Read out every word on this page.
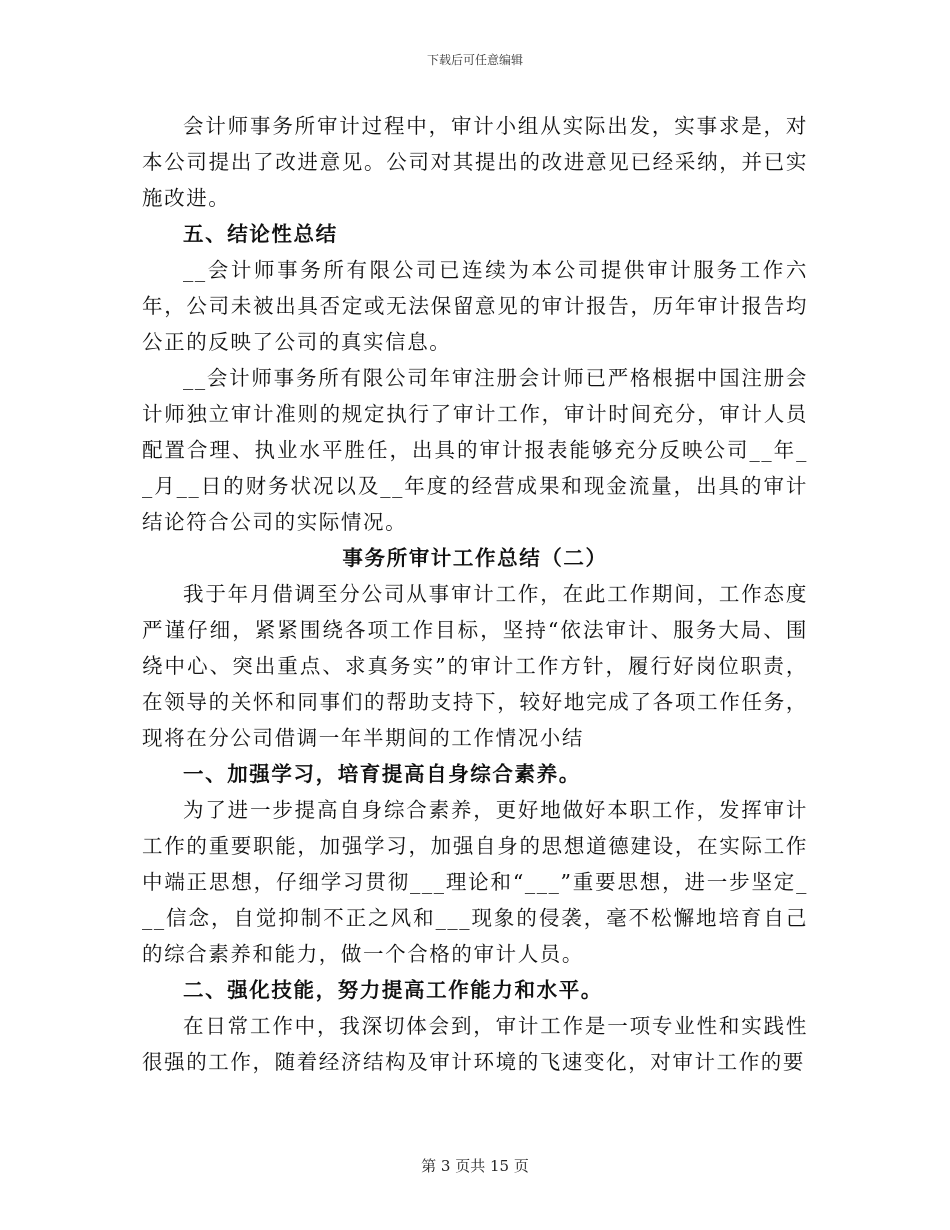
下载后可任意编辑

会计师事务所审计过程中，审计小组从实际出发，实事求是，对本公司提出了改进意见。公司对其提出的改进意见已经采纳，并已实施改进。

五、结论性总结

__会计师事务所有限公司已连续为本公司提供审计服务工作六年，公司未被出具否定或无法保留意见的审计报告，历年审计报告均公正的反映了公司的真实信息。

__会计师事务所有限公司年审注册会计师已严格根据中国注册会计师独立审计准则的规定执行了审计工作，审计时间充分，审计人员配置合理、执业水平胜任，出具的审计报表能够充分反映公司__年__月__日的财务状况以及__年度的经营成果和现金流量，出具的审计结论符合公司的实际情况。

事务所审计工作总结（二）

我于年月借调至分公司从事审计工作，在此工作期间，工作态度严谨仔细，紧紧围绕各项工作目标，坚持“依法审计、服务大局、围绕中心、突出重点、求真务实”的审计工作方针，履行好岗位职责，在领导的关怀和同事们的帮助支持下，较好地完成了各项工作任务，现将在分公司借调一年半期间的工作情况小结

一、加强学习，培育提高自身综合素养。

为了进一步提高自身综合素养，更好地做好本职工作，发挥审计工作的重要职能，加强学习，加强自身的思想道德建设，在实际工作中端正思想，仔细学习贯彻___理论和“___”重要思想，进一步坚定___信念，自觉抑制不正之风和___现象的侵袭，毫不松懈地培育自己的综合素养和能力，做一个合格的审计人员。

二、强化技能，努力提高工作能力和水平。

在日常工作中，我深切体会到，审计工作是一项专业性和实践性很强的工作，随着经济结构及审计环境的飞速变化，对审计工作的要

第 3 页共 15 页
